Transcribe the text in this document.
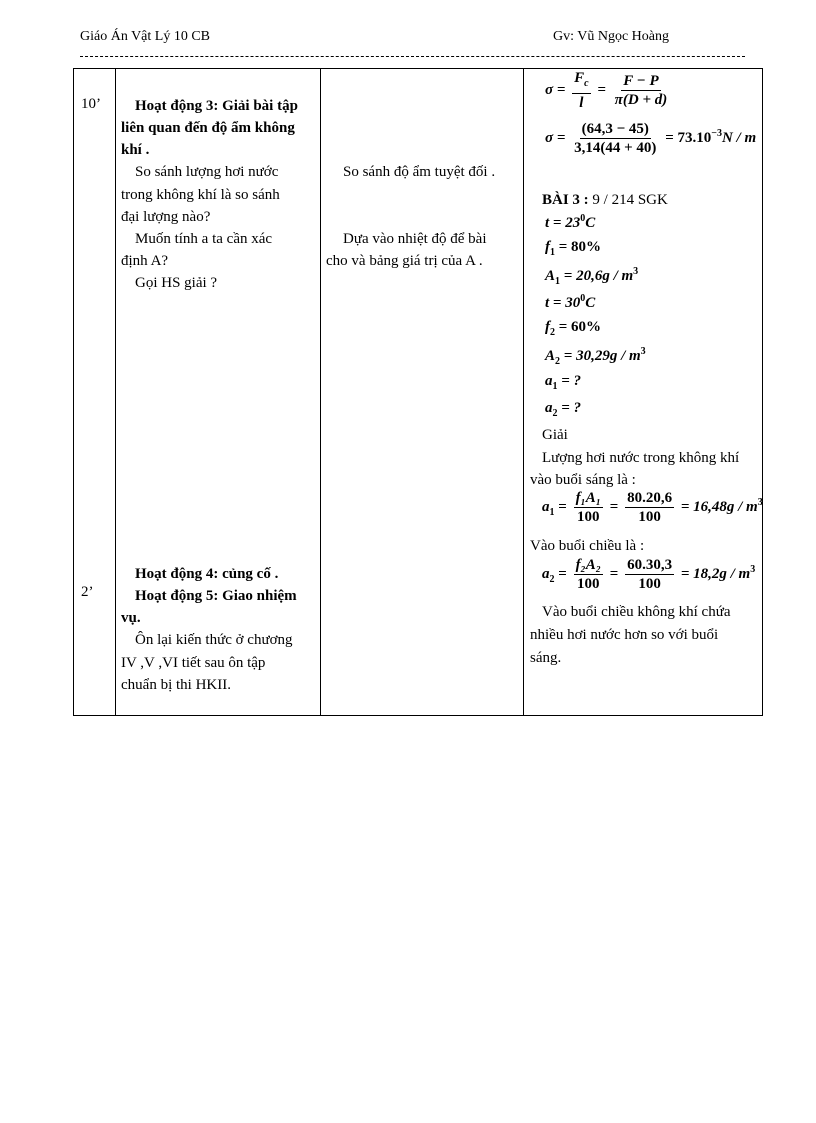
Giáo Án Vật Lý 10 CB	Gv: Vũ Ngọc Hoàng
10’
2’
Hoạt động 3: Giải bài tập
liên quan đến độ ẩm không
khí .
So sánh lượng hơi nước
trong không khí là so sánh
đại lượng nào?
Muốn tính a ta cần xác
định A?
Gọi HS giải ?
Hoạt động 4: củng cố .
Hoạt động 5: Giao nhiệm
vụ.
Ôn lại kiến thức ở chương
IV ,V ,VI tiết sau ôn tập
chuẩn bị thi HKII.
So sánh độ ẩm tuyệt đối .
Dựa vào nhiệt độ để bài
cho và bảng giá trị của A .
$\sigma = \frac{F_c}{l} = \frac{F - P}{\pi(D + d)}$
$\sigma = \frac{(64,3 - 45)}{3,14(44 + 40)} = 73.10^{-3}N / m$
BÀI 3 : 9 / 214 SGK
$t = 23^0C$
$f_1 = 80\%$
$A_1 = 20,6g / m^3$
$t = 30^0C$
$f_2 = 60\%$
$A_2 = 30,29g / m^3$
$a_1$ = ?
$a_2$ = ?
Giải
Lượng hơi nước trong không khí
vào buổi sáng là :
$a_1 = \frac{\text{f₁A₁}}{100} = \frac{80.20,6}{100} = 16,48g / m^3$
Vào buổi chiều là :
$a_2 = \frac{\text{f₂A₂}}{100} = \frac{60.30,3}{100} = 18,2g / m^3$
Vào buổi chiều không khí chứa
nhiều hơi nước hơn so với buổi
sáng.
